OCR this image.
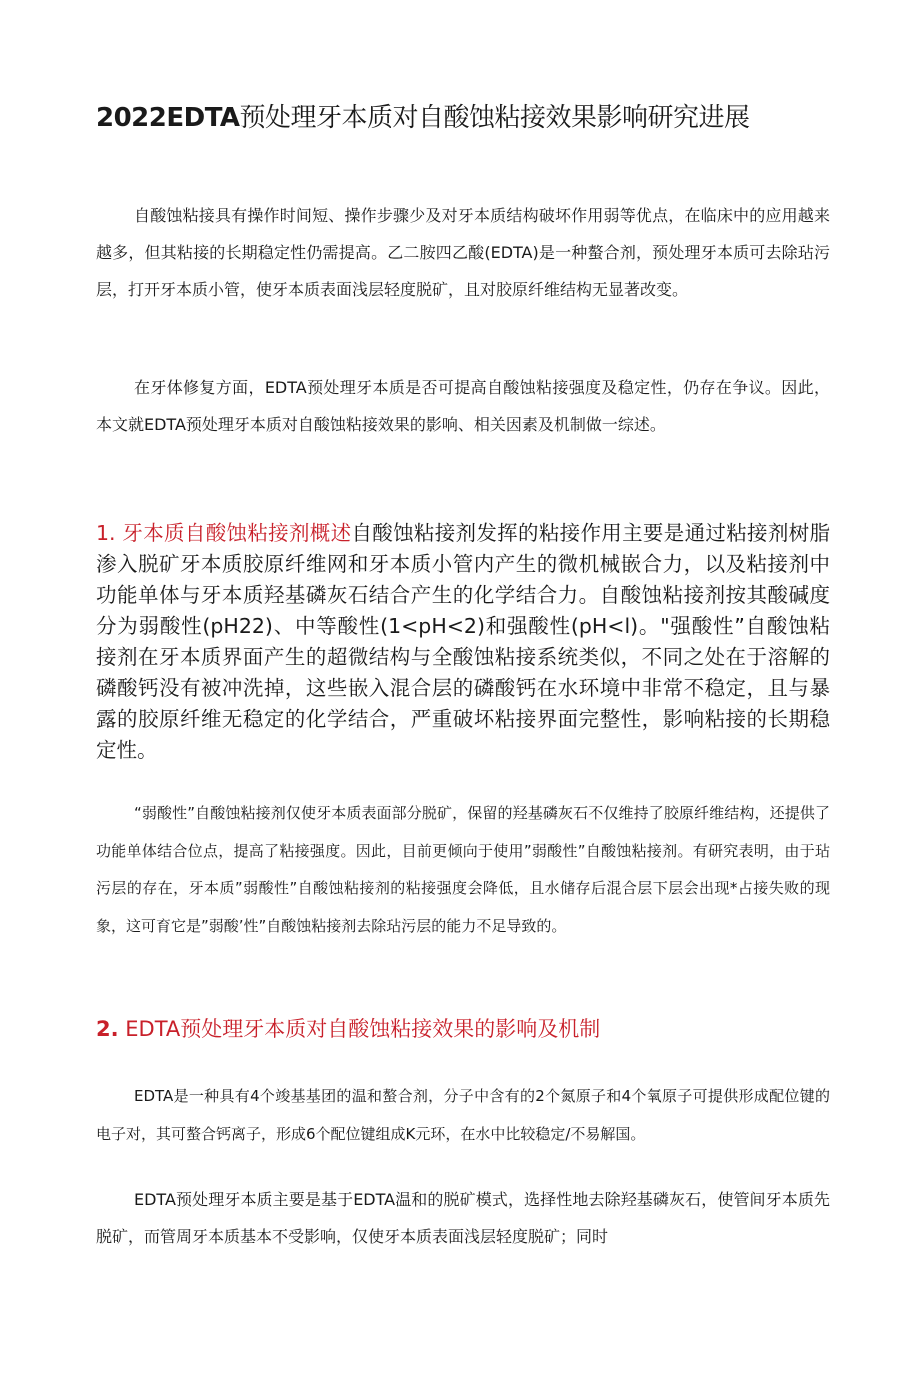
2022EDTA预处理牙本质对自酸蚀粘接效果影响研究进展

自酸蚀粘接具有操作时间短、操作步骤少及对牙本质结构破坏作用弱等优点，在临床中的应用越来越多，但其粘接的长期稳定性仍需提高。乙二胺四乙酸(EDTA)是一种螯合剂，预处理牙本质可去除玷污层，打开牙本质小管，使牙本质表面浅层轻度脱矿，且对胶原纤维结构无显著改变。

在牙体修复方面，EDTA预处理牙本质是否可提高自酸蚀粘接强度及稳定性，仍存在争议。因此，本文就EDTA预处理牙本质对自酸蚀粘接效果的影响、相关因素及机制做一综述。

1. 牙本质自酸蚀粘接剂概述自酸蚀粘接剂发挥的粘接作用主要是通过粘接剂树脂渗入脱矿牙本质胶原纤维网和牙本质小管内产生的微机械嵌合力，以及粘接剂中功能单体与牙本质羟基磷灰石结合产生的化学结合力。自酸蚀粘接剂按其酸碱度分为弱酸性(pH22)、中等酸性(1<pH<2)和强酸性(pH<l)。"强酸性”自酸蚀粘接剂在牙本质界面产生的超微结构与全酸蚀粘接系统类似，不同之处在于溶解的磷酸钙没有被冲洗掉，这些嵌入混合层的磷酸钙在水环境中非常不稳定，且与暴露的胶原纤维无稳定的化学结合，严重破坏粘接界面完整性，影响粘接的长期稳定性。

“弱酸性”自酸蚀粘接剂仅使牙本质表面部分脱矿，保留的羟基磷灰石不仅维持了胶原纤维结构，还提供了功能单体结合位点，提高了粘接强度。因此，目前更倾向于使用”弱酸性”自酸蚀粘接剂。有研究表明，由于玷污层的存在，牙本质”弱酸性”自酸蚀粘接剂的粘接强度会降低，且水储存后混合层下层会出现*占接失败的现象，这可育它是”弱酸’性”自酸蚀粘接剂去除玷污层的能力不足导致的。

2. EDTA预处理牙本质对自酸蚀粘接效果的影响及机制

EDTA是一种具有4个竣基基团的温和螯合剂，分子中含有的2个氮原子和4个氧原子可提供形成配位键的电子对，其可螯合钙离子，形成6个配位键组成K元环，在水中比较稳定/不易解国。

EDTA预处理牙本质主要是基于EDTA温和的脱矿模式，选择性地去除羟基磷灰石，使管间牙本质先脱矿，而管周牙本质基本不受影响，仅使牙本质表面浅层轻度脱矿；同时
